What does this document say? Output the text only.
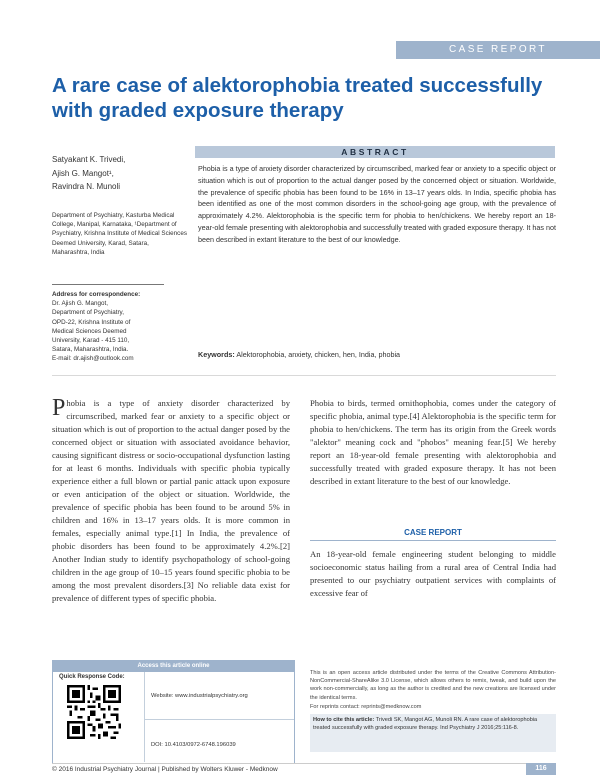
CASE REPORT
A rare case of alektorophobia treated successfully with graded exposure therapy
ABSTRACT
Satyakant K. Trivedi,
Ajish G. Mangot¹,
Ravindra N. Munoli
Department of Psychiatry, Kasturba Medical College, Manipal, Karnataka, ¹Department of Psychiatry, Krishna Institute of Medical Sciences Deemed University, Karad, Satara, Maharashtra, India
Address for correspondence:
Dr. Ajish G. Mangot,
Department of Psychiatry,
OPD-22, Krishna Institute of
Medical Sciences Deemed
University, Karad - 415 110,
Satara, Maharashtra, India.
E-mail: dr.ajish@outlook.com
Phobia is a type of anxiety disorder characterized by circumscribed, marked fear or anxiety to a specific object or situation which is out of proportion to the actual danger posed by the concerned object or situation. Worldwide, the prevalence of specific phobia has been found to be 16% in 13–17 years olds. In India, specific phobia has been identified as one of the most common disorders in the school-going age group, with the prevalence of approximately 4.2%. Alektorophobia is the specific term for phobia to hen/chickens. We hereby report an 18-year-old female presenting with alektorophobia and successfully treated with graded exposure therapy. It has not been described in extant literature to the best of our knowledge.
Keywords: Alektorophobia, anxiety, chicken, hen, India, phobia
Phobia is a type of anxiety disorder characterized by circumscribed, marked fear or anxiety to a specific object or situation which is out of proportion to the actual danger posed by the concerned object or situation with associated avoidance behavior, causing significant distress or socio-occupational dysfunction lasting for at least 6 months. Individuals with specific phobia typically experience either a full blown or partial panic attack upon exposure or even anticipation of the object or situation. Worldwide, the prevalence of specific phobia has been found to be around 5% in children and 16% in 13–17 years olds. It is more common in females, especially animal type.[1] In India, the prevalence of phobic disorders has been found to be approximately 4.2%.[2] Another Indian study to identify psychopathology of school-going children in the age group of 10–15 years found specific phobia to be among the most prevalent disorders.[3] No reliable data exist for prevalence of different types of specific phobia.
Phobia to birds, termed ornithophobia, comes under the category of specific phobia, animal type.[4] Alektorophobia is the specific term for phobia to hen/chickens. The term has its origin from the Greek words "alektor" meaning cock and "phobos" meaning fear.[5] We hereby report an 18-year-old female presenting with alektorophobia and successfully treated with graded exposure therapy. It has not been described in extant literature to the best of our knowledge.
CASE REPORT
An 18-year-old female engineering student belonging to middle socioeconomic status hailing from a rural area of Central India had presented to our psychiatry outpatient services with complaints of excessive fear of
Access this article online
Quick Response Code:
Website: www.industrialpsychiatry.org
DOI: 10.4103/0972-6748.196039
This is an open access article distributed under the terms of the Creative Commons Attribution-NonCommercial-ShareAlike 3.0 License, which allows others to remix, tweak, and build upon the work non-commercially, as long as the author is credited and the new creations are licensed under the identical terms.
For reprints contact: reprints@medknow.com
How to cite this article: Trivedi SK, Mangot AG, Munoli RN. A rare case of alektorophobia treated successfully with graded exposure therapy. Ind Psychiatry J 2016;25:116-8.
© 2016 Industrial Psychiatry Journal | Published by Wolters Kluwer - Medknow	116
